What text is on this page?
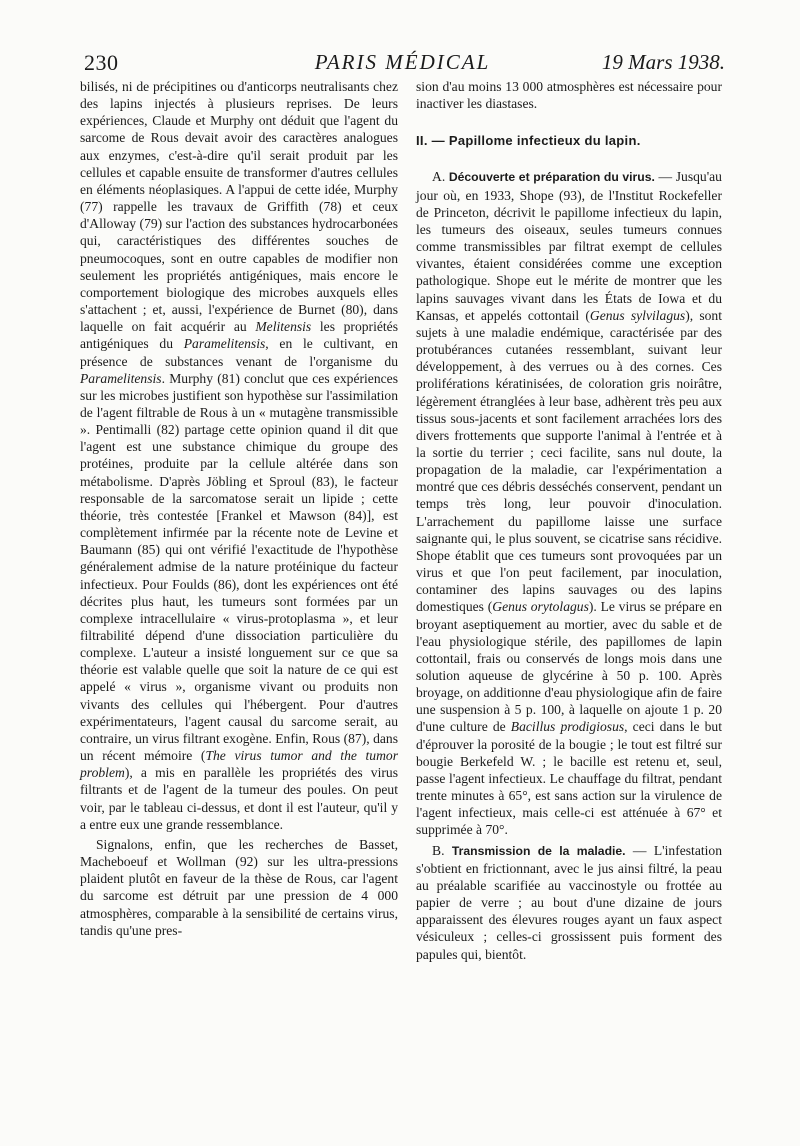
230	PARIS MÉDICAL	19 Mars 1938.

bilisés, ni de précipitines ou d'anticorps neutralisants chez des lapins injectés à plusieurs reprises. De leurs expériences, Claude et Murphy ont déduit que l'agent du sarcome de Rous devait avoir des caractères analogues aux enzymes, c'est-à-dire qu'il serait produit par les cellules et capable ensuite de transformer d'autres cellules en éléments néoplasiques. A l'appui de cette idée, Murphy (77) rappelle les travaux de Griffith (78) et ceux d'Alloway (79) sur l'action des substances hydrocarbonées qui, caractéristiques des différentes souches de pneumocoques, sont en outre capables de modifier non seulement les propriétés antigéniques, mais encore le comportement biologique des microbes auxquels elles s'attachent ; et, aussi, l'expérience de Burnet (80), dans laquelle on fait acquérir au Melitensis les propriétés antigéniques du Paramelitensis, en le cultivant, en présence de substances venant de l'organisme du Paramelitensis. Murphy (81) conclut que ces expériences sur les microbes justifient son hypothèse sur l'assimilation de l'agent filtrable de Rous à un « mutagène transmissible ». Pentimalli (82) partage cette opinion quand il dit que l'agent est une substance chimique du groupe des protéines, produite par la cellule altérée dans son métabolisme. D'après Jöbling et Sproul (83), le facteur responsable de la sarcomatose serait un lipide ; cette théorie, très contestée [Frankel et Mawson (84)], est complètement infirmée par la récente note de Levine et Baumann (85) qui ont vérifié l'exactitude de l'hypothèse généralement admise de la nature protéinique du facteur infectieux. Pour Foulds (86), dont les expériences ont été décrites plus haut, les tumeurs sont formées par un complexe intracellulaire « virus-protoplasma », et leur filtrabilité dépend d'une dissociation particulière du complexe. L'auteur a insisté longuement sur ce que sa théorie est valable quelle que soit la nature de ce qui est appelé « virus », organisme vivant ou produits non vivants des cellules qui l'hébergent. Pour d'autres expérimentateurs, l'agent causal du sarcome serait, au contraire, un virus filtrant exogène. Enfin, Rous (87), dans un récent mémoire (The virus tumor and the tumor problem), a mis en parallèle les propriétés des virus filtrants et de l'agent de la tumeur des poules. On peut voir, par le tableau ci-dessus, et dont il est l'auteur, qu'il y a entre eux une grande ressemblance.

Signalons, enfin, que les recherches de Basset, Macheboeuf et Wollman (92) sur les ultra-pressions plaident plutôt en faveur de la thèse de Rous, car l'agent du sarcome est détruit par une pression de 4 000 atmosphères, comparable à la sensibilité de certains virus, tandis qu'une pres-

sion d'au moins 13 000 atmosphères est nécessaire pour inactiver les diastases.

II. — Papillome infectieux du lapin.

A. Découverte et préparation du virus. — Jusqu'au jour où, en 1933, Shope (93), de l'Institut Rockefeller de Princeton, décrivit le papillome infectieux du lapin, les tumeurs des oiseaux, seules tumeurs connues comme transmissibles par filtrat exempt de cellules vivantes, étaient considérées comme une exception pathologique. Shope eut le mérite de montrer que les lapins sauvages vivant dans les États de Iowa et du Kansas, et appelés cottontail (Genus sylvilagus), sont sujets à une maladie endémique, caractérisée par des protubérances cutanées ressemblant, suivant leur développement, à des verrues ou à des cornes. Ces proliférations kératinisées, de coloration gris noirâtre, légèrement étranglées à leur base, adhèrent très peu aux tissus sous-jacents et sont facilement arrachées lors des divers frottements que supporte l'animal à l'entrée et à la sortie du terrier ; ceci facilite, sans nul doute, la propagation de la maladie, car l'expérimentation a montré que ces débris desséchés conservent, pendant un temps très long, leur pouvoir d'inoculation. L'arrachement du papillome laisse une surface saignante qui, le plus souvent, se cicatrise sans récidive. Shope établit que ces tumeurs sont provoquées par un virus et que l'on peut facilement, par inoculation, contaminer des lapins sauvages ou des lapins domestiques (Genus orytolagus). Le virus se prépare en broyant aseptiquement au mortier, avec du sable et de l'eau physiologique stérile, des papillomes de lapin cottontail, frais ou conservés de longs mois dans une solution aqueuse de glycérine à 50 p. 100. Après broyage, on additionne d'eau physiologique afin de faire une suspension à 5 p. 100, à laquelle on ajoute 1 p. 20 d'une culture de Bacillus prodigiosus, ceci dans le but d'éprouver la porosité de la bougie ; le tout est filtré sur bougie Berkefeld W. ; le bacille est retenu et, seul, passe l'agent infectieux. Le chauffage du filtrat, pendant trente minutes à 65°, est sans action sur la virulence de l'agent infectieux, mais celle-ci est atténuée à 67° et supprimée à 70°.

B. Transmission de la maladie. — L'infestation s'obtient en frictionnant, avec le jus ainsi filtré, la peau au préalable scarifiée au vaccinostyle ou frottée au papier de verre ; au bout d'une dizaine de jours apparaissent des élevures rouges ayant un faux aspect vésiculeux ; celles-ci grossissent puis forment des papules qui, bientôt.
